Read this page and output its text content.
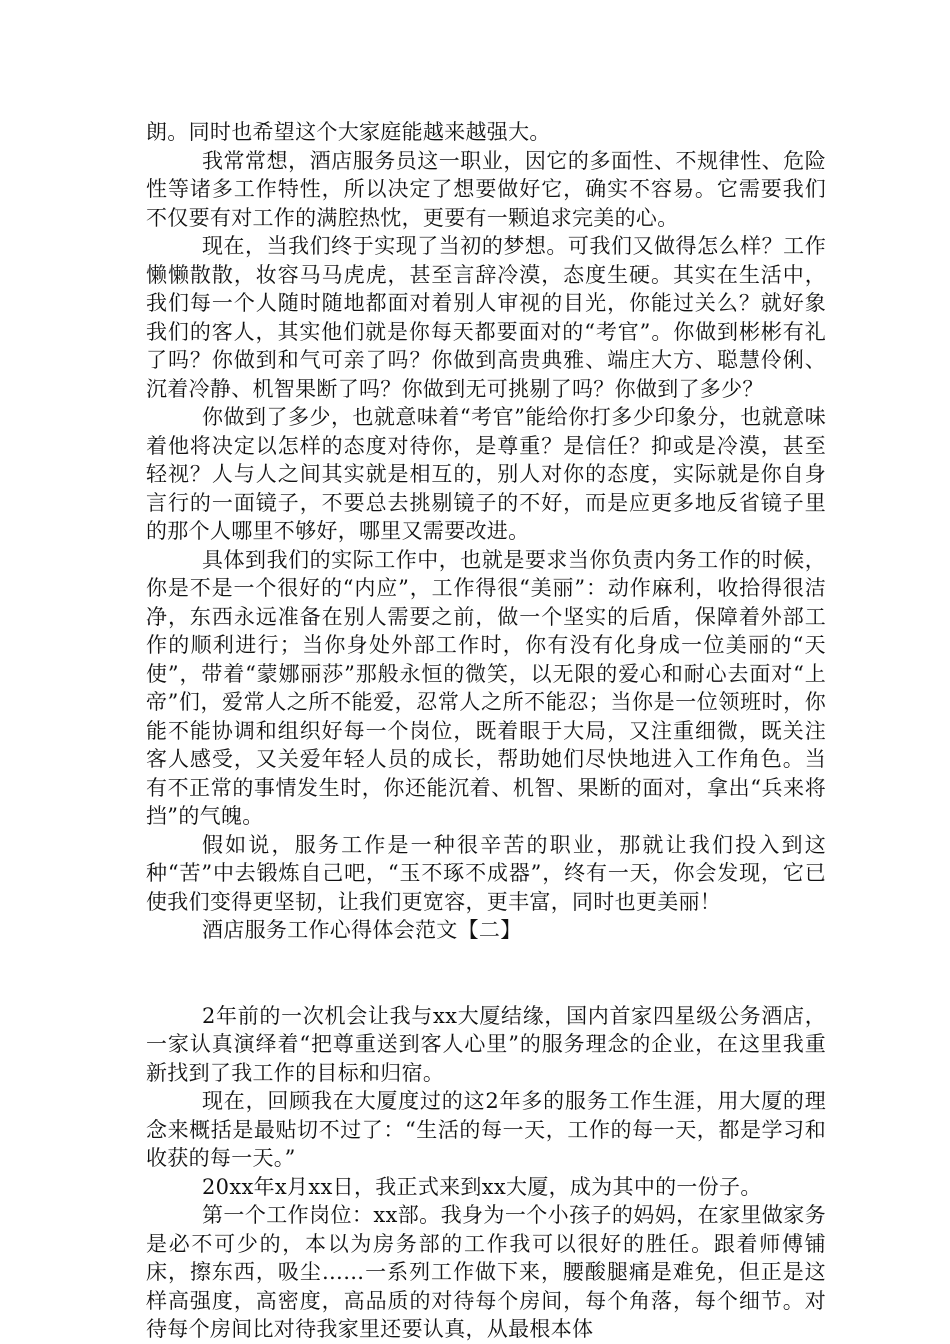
朗。同时也希望这个大家庭能越来越强大。

我常常想，酒店服务员这一职业，因它的多面性、不规律性、危险性等诸多工作特性，所以决定了想要做好它，确实不容易。它需要我们不仅要有对工作的满腔热忱，更要有一颗追求完美的心。

现在，当我们终于实现了当初的梦想。可我们又做得怎么样？工作懒懒散散，妆容马马虎虎，甚至言辞冷漠，态度生硬。其实在生活中，我们每一个人随时随地都面对着别人审视的目光，你能过关么？就好象我们的客人，其实他们就是你每天都要面对的“考官”。你做到彬彬有礼了吗？你做到和气可亲了吗？你做到高贵典雅、端庄大方、聪慧伶俐、沉着冷静、机智果断了吗？你做到无可挑剔了吗？你做到了多少？

你做到了多少，也就意味着“考官”能给你打多少印象分，也就意味着他将决定以怎样的态度对待你，是尊重？是信任？抑或是冷漠，甚至轻视？人与人之间其实就是相互的，别人对你的态度，实际就是你自身言行的一面镜子，不要总去挑剔镜子的不好，而是应更多地反省镜子里的那个人哪里不够好，哪里又需要改进。

具体到我们的实际工作中，也就是要求当你负责内务工作的时候，你是不是一个很好的“内应”，工作得很“美丽”：动作麻利，收拾得很洁净，东西永远准备在别人需要之前，做一个坚实的后盾，保障着外部工作的顺利进行；当你身处外部工作时，你有没有化身成一位美丽的“天使”，带着“蒙娜丽莎”那般永恒的微笑，以无限的爱心和耐心去面对“上帝”们，爱常人之所不能爱，忍常人之所不能忍；当你是一位领班时，你能不能协调和组织好每一个岗位，既着眼于大局，又注重细微，既关注客人感受，又关爱年轻人员的成长，帮助她们尽快地进入工作角色。当有不正常的事情发生时，你还能沉着、机智、果断的面对，拿出“兵来将挡”的气魄。

假如说，服务工作是一种很辛苦的职业，那就让我们投入到这种“苦”中去锻炼自己吧，“玉不琢不成器”，终有一天，你会发现，它已使我们变得更坚韧，让我们更宽容，更丰富，同时也更美丽！

酒店服务工作心得体会范文【二】

2年前的一次机会让我与xx大厦结缘，国内首家四星级公务酒店，一家认真演绎着“把尊重送到客人心里”的服务理念的企业，在这里我重新找到了我工作的目标和归宿。

现在，回顾我在大厦度过的这2年多的服务工作生涯，用大厦的理念来概括是最贴切不过了：“生活的每一天，工作的每一天，都是学习和收获的每一天。”

20xx年x月xx日，我正式来到xx大厦，成为其中的一份子。

第一个工作岗位：xx部。我身为一个小孩子的妈妈，在家里做家务是必不可少的，本以为房务部的工作我可以很好的胜任。跟着师傅铺床，擦东西，吸尘……一系列工作做下来，腰酸腿痛是难免，但正是这样高强度，高密度，高品质的对待每个房间，每个角落，每个细节。对待每个房间比对待我家里还要认真，从最根本体
